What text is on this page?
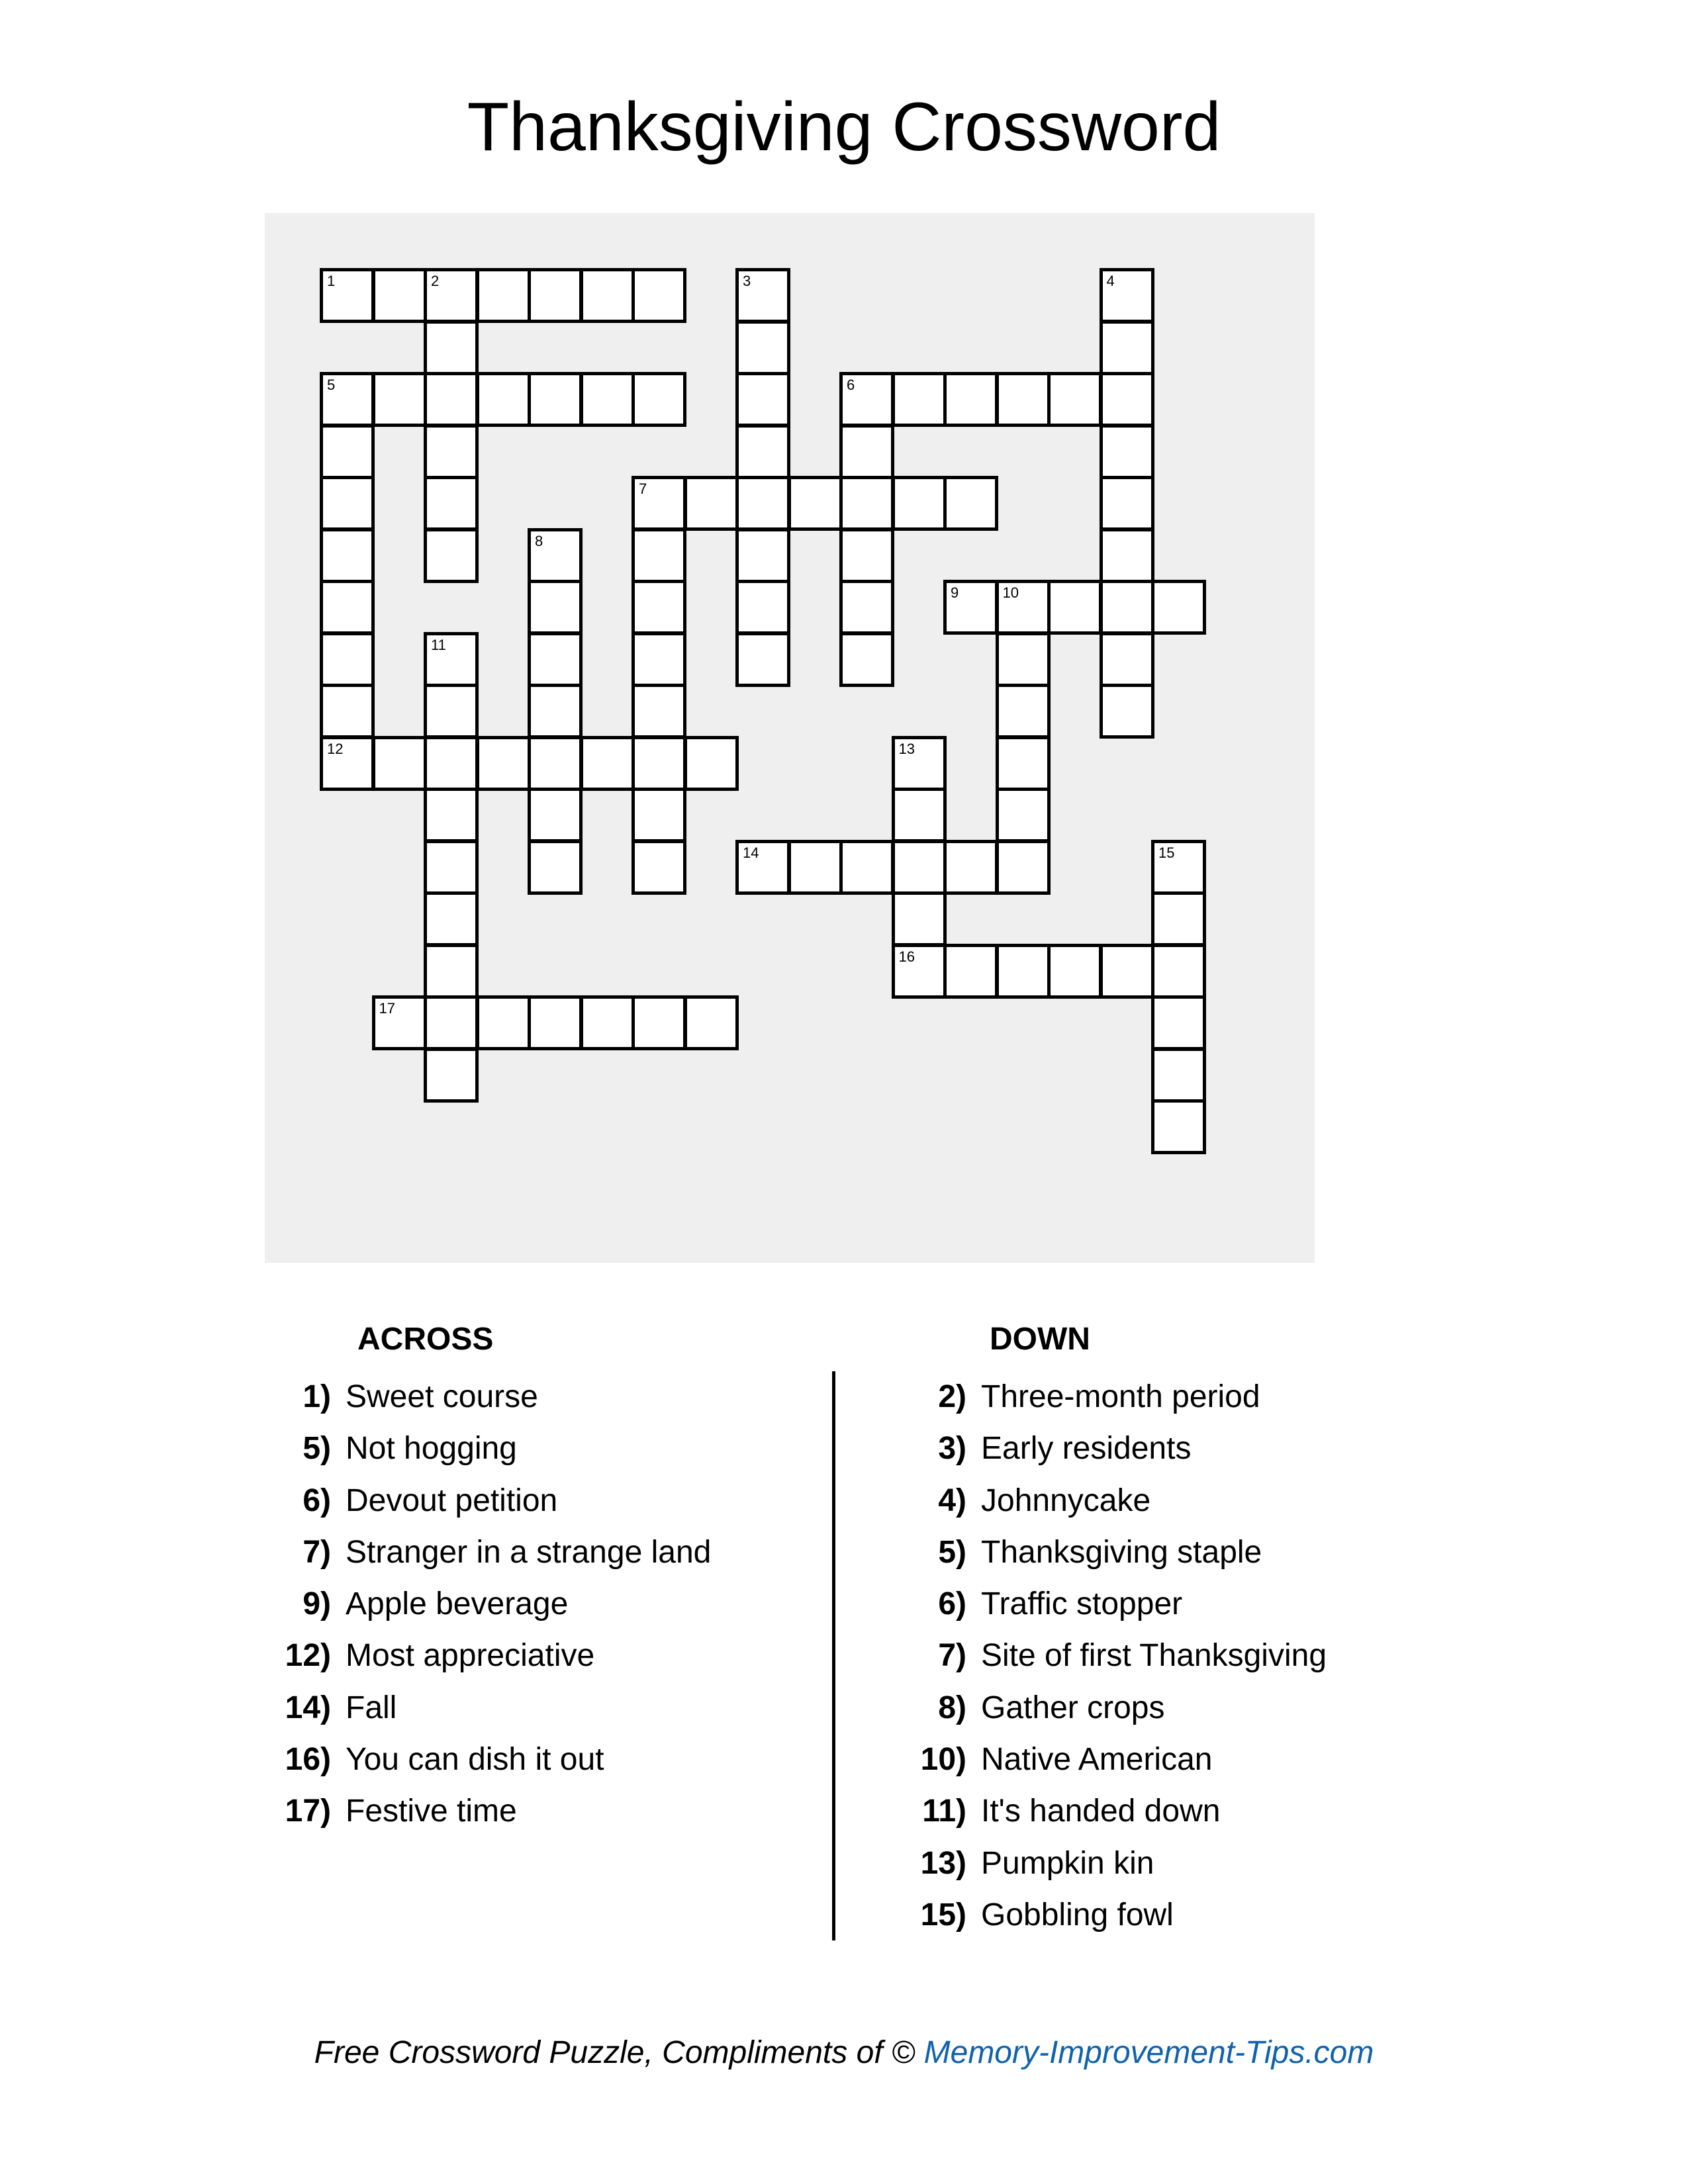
Thanksgiving Crossword
1	2
5	6
7
9	10
12
14
16
17
3	4
8
11
13
15
ACROSS	DOWN
1) Sweet course
5) Not hogging
6) Devout petition
7) Stranger in a strange land
9) Apple beverage
12) Most appreciative
14) Fall
16) You can dish it out
17) Festive time
2) Three-month period
3) Early residents
4) Johnnycake
5) Thanksgiving staple
6) Traffic stopper
7) Site of first Thanksgiving
8) Gather crops
10) Native American
11) It's handed down
13) Pumpkin kin
15) Gobbling fowl
Free Crossword Puzzle, Compliments of © Memory-Improvement-Tips.com
